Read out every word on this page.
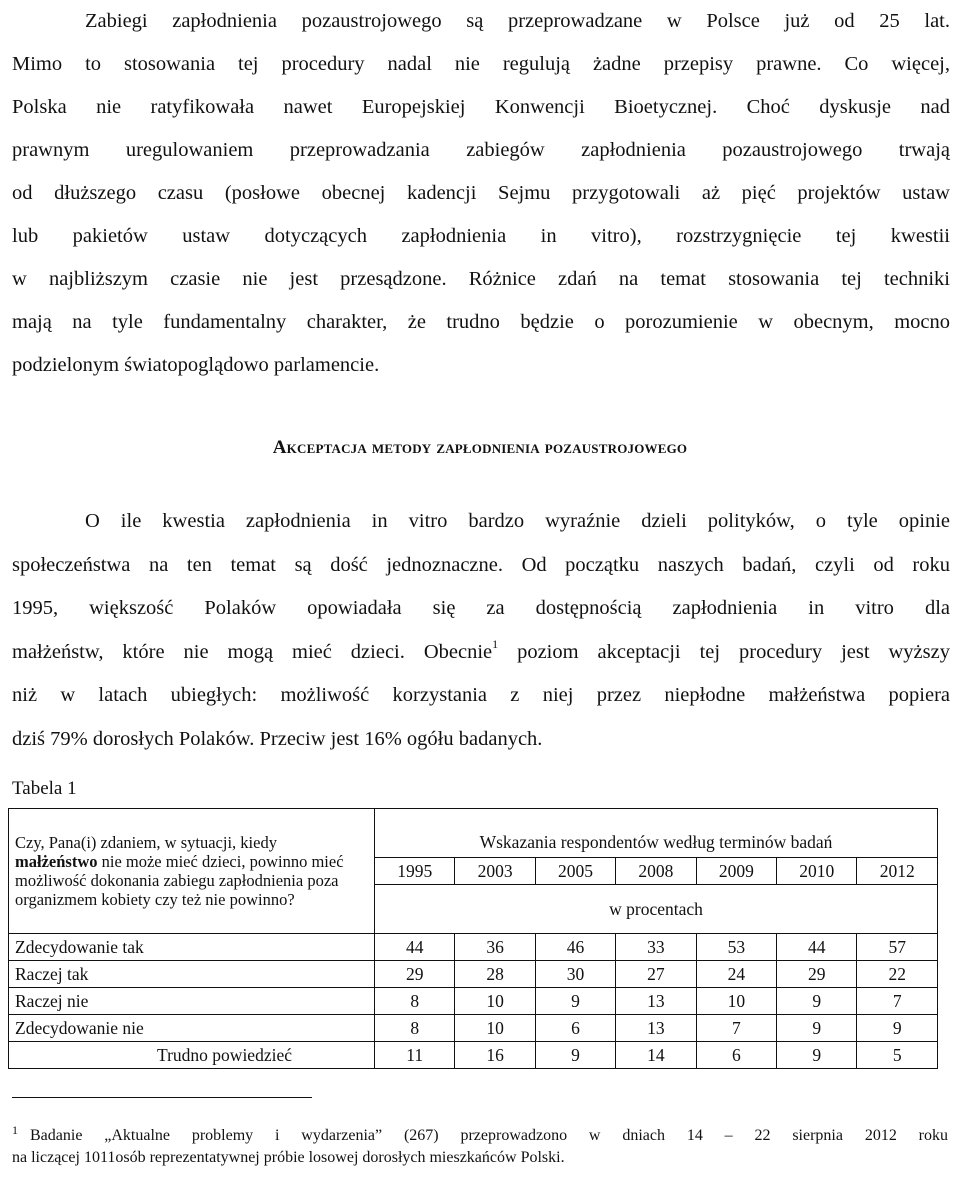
Zabiegi zapłodnienia pozaustrojowego są przeprowadzane w Polsce już od 25 lat.
Mimo to stosowania tej procedury nadal nie regulują żadne przepisy prawne. Co więcej,
Polska nie ratyfikowała nawet Europejskiej Konwencji Bioetycznej. Choć dyskusje nad
prawnym uregulowaniem przeprowadzania zabiegów zapłodnienia pozaustrojowego trwają
od dłuższego czasu (posłowe obecnej kadencji Sejmu przygotowali aż pięć projektów ustaw
lub pakietów ustaw dotyczących zapłodnienia in vitro), rozstrzygnięcie tej kwestii
w najbliższym czasie nie jest przesądzone. Różnice zdań na temat stosowania tej techniki
mają na tyle fundamentalny charakter, że trudno będzie o porozumienie w obecnym, mocno
podzielonym światopoglądowo parlamencie.
Akceptacja metody zapłodnienia pozaustrojowego
O ile kwestia zapłodnienia in vitro bardzo wyraźnie dzieli polityków, o tyle opinie
społeczeństwa na ten temat są dość jednoznaczne. Od początku naszych badań, czyli od roku
1995, większość Polaków opowiadała się za dostępnością zapłodnienia in vitro dla
małżeństw, które nie mogą mieć dzieci. Obecnie$^1$ poziom akceptacji tej procedury jest wyższy
niż w latach ubiegłych: możliwość korzystania z niej przez niepłodne małżeństwa popiera
dziś 79% dorosłych Polaków. Przeciw jest 16% ogółu badanych.
Tabela 1
Czy, Pana(i) zdaniem, w sytuacji, kiedy
małżeństwo nie może mieć dzieci, powinno mieć możliwość dokonania zabiegu zapłodnienia poza organizmem kobiety czy też nie powinno?	Wskazania respondentów według terminów badań						
	1995	2003	2005	2008	2009	2010	2012
	w procentach						
Zdecydowanie tak	44	36	46	33	53	44	57
Raczej tak	29	28	30	27	24	29	22
Raczej nie	8	10	9	13	10	9	7
Zdecydowanie nie	8	10	6	13	7	9	9
Trudno powiedzieć	11	16	9	14	6	9	5
1 Badanie „Aktualne problemy i wydarzenia” (267) przeprowadzono w dniach 14 – 22 sierpnia 2012 roku
na liczącej 1011osób reprezentatywnej próbie losowej dorosłych mieszkańców Polski.
